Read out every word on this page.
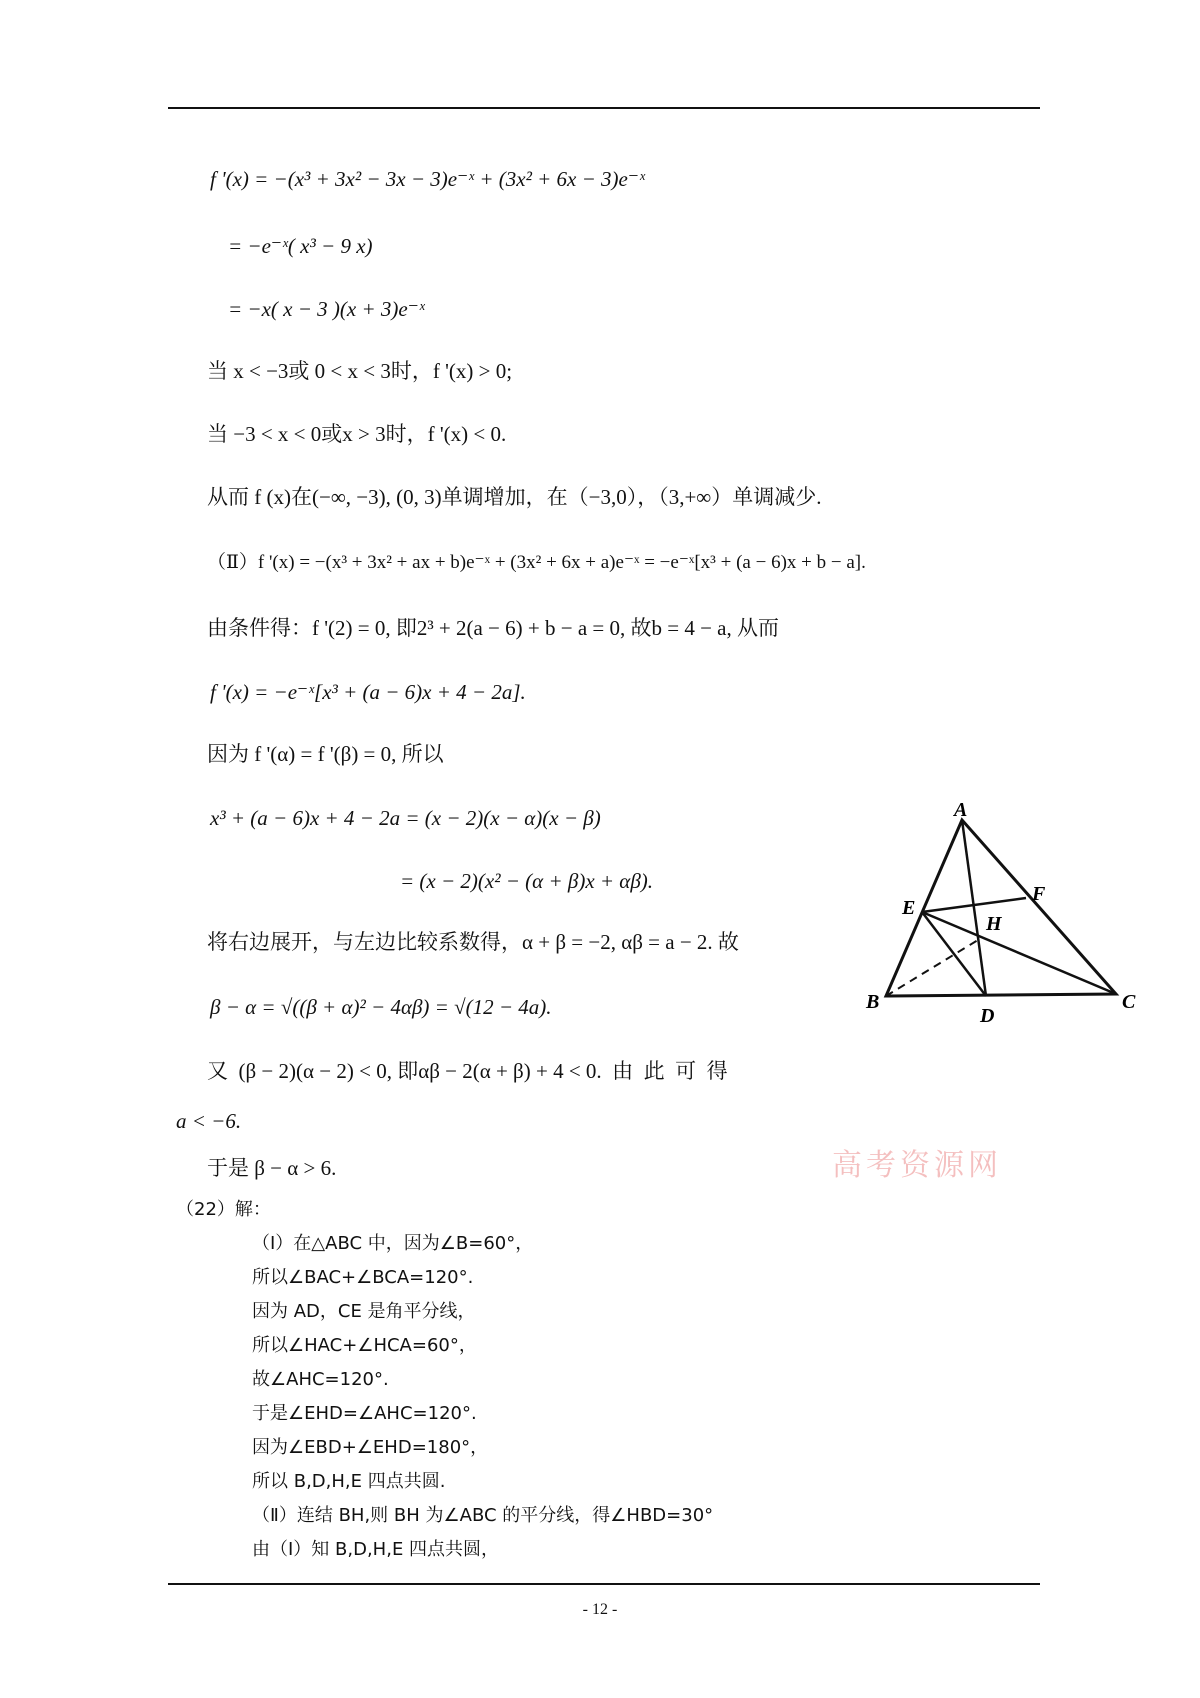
f '(x) = −(x³ + 3x² − 3x − 3)e⁻ˣ + (3x² + 6x − 3)e⁻ˣ
= −e⁻ˣ( x³ − 9 x)
= −x( x − 3 )(x + 3)e⁻ˣ
当 x < −3或 0 < x < 3时，f '(x) > 0;
当 −3 < x < 0或x > 3时，f '(x) < 0.
从而 f (x)在(−∞, −3), (0, 3)单调增加，在（−3,0），（3,+∞）单调减少.
（Ⅱ）f '(x) = −(x³ + 3x² + ax + b)e⁻ˣ + (3x² + 6x + a)e⁻ˣ = −e⁻ˣ[x³ + (a − 6)x + b − a].
由条件得：f '(2) = 0, 即2³ + 2(a − 6) + b − a = 0, 故b = 4 − a, 从而
f '(x) = −e⁻ˣ[x³ + (a − 6)x + 4 − 2a].
因为 f '(α) = f '(β) = 0, 所以
x³ + (a − 6)x + 4 − 2a = (x − 2)(x − α)(x − β)
= (x − 2)(x² − (α + β)x + αβ).
将右边展开，与左边比较系数得，α + β = −2, αβ = a − 2. 故
β − α = √((β + α)² − 4αβ) = √(12 − 4a).
又  (β − 2)(α − 2) < 0, 即αβ − 2(α + β) + 4 < 0.  由  此  可  得
a < −6.
于是 β − α > 6.
（22）解：
（Ⅰ）在△ABC 中，因为∠B=60°，
所以∠BAC+∠BCA=120°.
因为 AD，CE 是角平分线，
所以∠HAC+∠HCA=60°，
故∠AHC=120°.
于是∠EHD=∠AHC=120°.
因为∠EBD+∠EHD=180°，
所以 B,D,H,E 四点共圆.
（Ⅱ）连结 BH,则 BH 为∠ABC 的平分线，得∠HBD=30°
由（Ⅰ）知 B,D,H,E 四点共圆，
A
B	C
D
E
F
H
高考资源网
- 12 -
